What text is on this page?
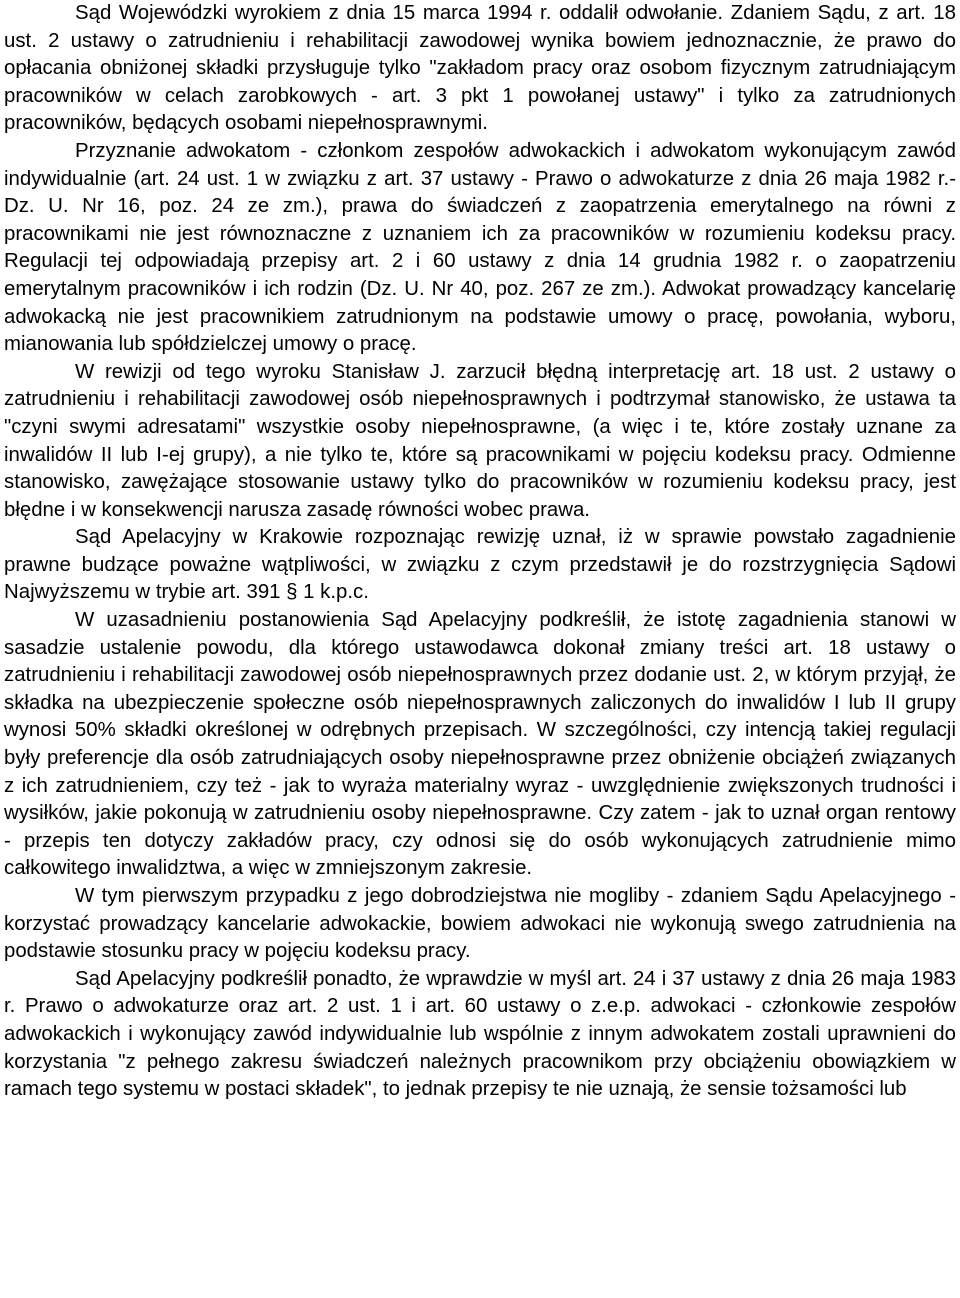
Sąd Wojewódzki wyrokiem z dnia 15 marca 1994 r. oddalił odwołanie. Zdaniem Sądu, z art. 18 ust. 2 ustawy o zatrudnieniu i rehabilitacji zawodowej wynika bowiem jednoznacznie, że prawo do opłacania obniżonej składki przysługuje tylko "zakładom pracy oraz osobom fizycznym zatrudniającym pracowników w celach zarobkowych - art. 3 pkt 1 powołanej ustawy" i tylko za zatrudnionych pracowników, będących osobami niepełnosprawnymi.

Przyznanie adwokatom - członkom zespołów adwokackich i adwokatom wykonującym zawód indywidualnie (art. 24 ust. 1 w związku z art. 37 ustawy - Prawo o adwokaturze z dnia 26 maja 1982 r.- Dz. U. Nr 16, poz. 24 ze zm.), prawa do świadczeń z zaopatrzenia emerytalnego na równi z pracownikami nie jest równoznaczne z uznaniem ich za pracowników w rozumieniu kodeksu pracy. Regulacji tej odpowiadają przepisy art. 2 i 60 ustawy z dnia 14 grudnia 1982 r. o zaopatrzeniu emerytalnym pracowników i ich rodzin (Dz. U. Nr 40, poz. 267 ze zm.). Adwokat prowadzący kancelarię adwokacką nie jest pracownikiem zatrudnionym na podstawie umowy o pracę, powołania, wyboru, mianowania lub spółdzielczej umowy o pracę.

W rewizji od tego wyroku Stanisław J. zarzucił błędną interpretację art. 18 ust. 2 ustawy o zatrudnieniu i rehabilitacji zawodowej osób niepełnosprawnych i podtrzymał stanowisko, że ustawa ta "czyni swymi adresatami" wszystkie osoby niepełnosprawne, (a więc i te, które zostały uznane za inwalidów II lub I-ej grupy), a nie tylko te, które są pracownikami w pojęciu kodeksu pracy. Odmienne stanowisko, zawężające stosowanie ustawy tylko do pracowników w rozumieniu kodeksu pracy, jest błędne i w konsekwencji narusza zasadę równości wobec prawa.

Sąd Apelacyjny w Krakowie rozpoznając rewizję uznał, iż w sprawie powstało zagadnienie prawne budzące poważne wątpliwości, w związku z czym przedstawił je do rozstrzygnięcia Sądowi Najwyższemu w trybie art. 391 § 1 k.p.c.

W uzasadnieniu postanowienia Sąd Apelacyjny podkreślił, że istotę zagadnienia stanowi w sasadzie ustalenie powodu, dla którego ustawodawca dokonał zmiany treści art. 18 ustawy o zatrudnieniu i rehabilitacji zawodowej osób niepełnosprawnych przez dodanie ust. 2, w którym przyjął, że składka na ubezpieczenie społeczne osób niepełnosprawnych zaliczonych do inwalidów I lub II grupy wynosi 50% składki określonej w odrębnych przepisach. W szczególności, czy intencją takiej regulacji były preferencje dla osób zatrudniających osoby niepełnosprawne przez obniżenie obciążeń związanych z ich zatrudnieniem, czy też - jak to wyraża materialny wyraz - uwzględnienie zwiększonych trudności i wysiłków, jakie pokonują w zatrudnieniu osoby niepełnosprawne. Czy zatem - jak to uznał organ rentowy - przepis ten dotyczy zakładów pracy, czy odnosi się do osób wykonujących zatrudnienie mimo całkowitego inwalidztwa, a więc w zmniejszonym zakresie.

W tym pierwszym przypadku z jego dobrodziejstwa nie mogliby - zdaniem Sądu Apelacyjnego - korzystać prowadzący kancelarie adwokackie, bowiem adwokaci nie wykonują swego zatrudnienia na podstawie stosunku pracy w pojęciu kodeksu pracy.

Sąd Apelacyjny podkreślił ponadto, że wprawdzie w myśl art. 24 i 37 ustawy z dnia 26 maja 1983 r. Prawo o adwokaturze oraz art. 2 ust. 1 i art. 60 ustawy o z.e.p. adwokaci - członkowie zespołów adwokackich i wykonujący zawód indywidualnie lub wspólnie z innym adwokatem zostali uprawnieni do korzystania "z pełnego zakresu świadczeń należnych pracownikom przy obciążeniu obowiązkiem w ramach tego systemu w postaci składek", to jednak przepisy te nie uznają, że sensie tożsamości lub
